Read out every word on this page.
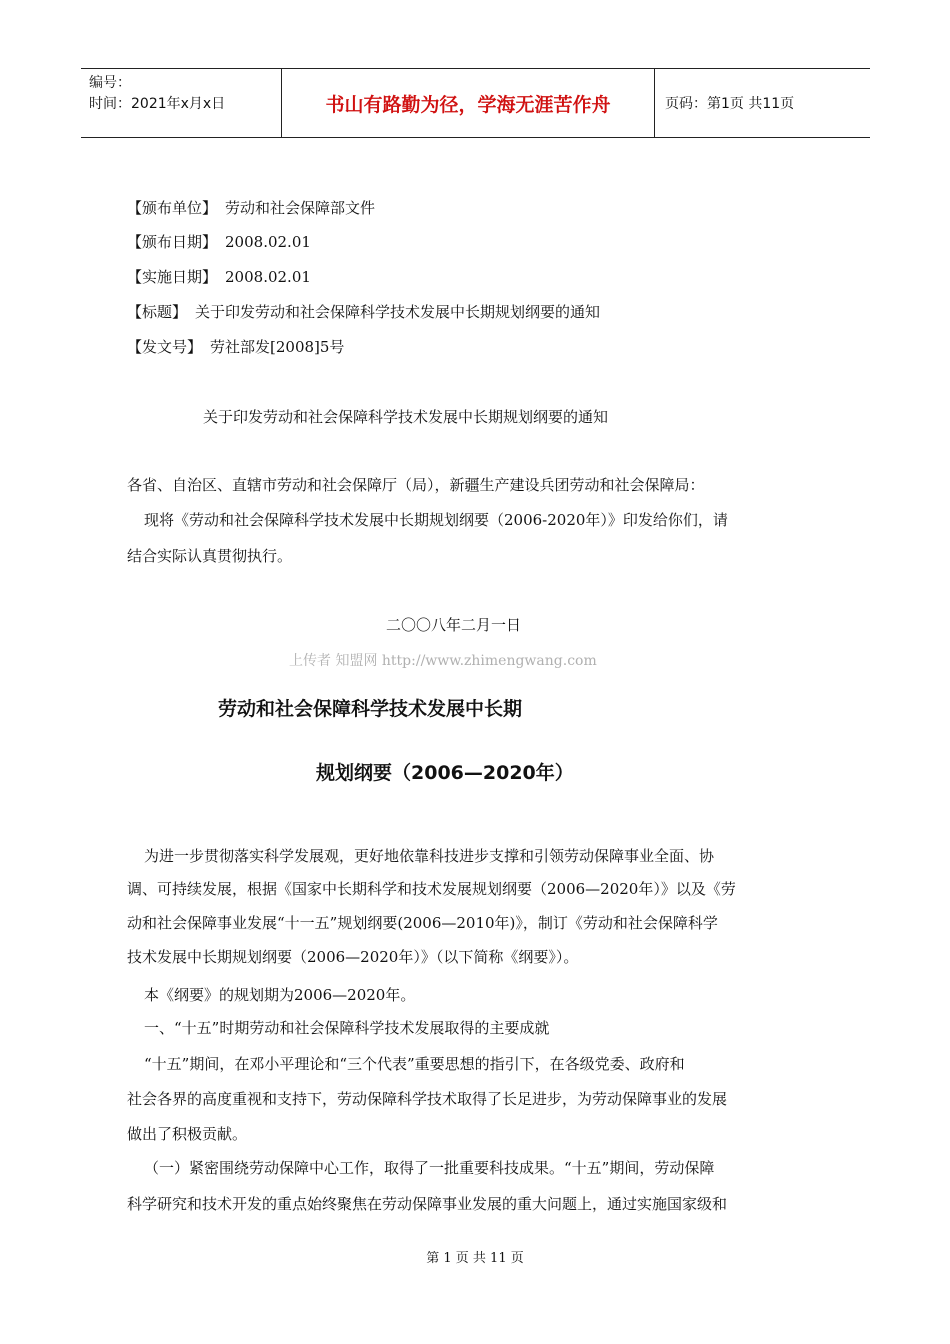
编号：
时间：2021年x月x日	书山有路勤为径，学海无涯苦作舟	页码：第1页 共11页
【颁布单位】 劳动和社会保障部文件
【颁布日期】 2008.02.01
【实施日期】 2008.02.01
【标题】 关于印发劳动和社会保障科学技术发展中长期规划纲要的通知
【发文号】 劳社部发[2008]5号
关于印发劳动和社会保障科学技术发展中长期规划纲要的通知
各省、自治区、直辖市劳动和社会保障厅（局），新疆生产建设兵团劳动和社会保障局：
现将《劳动和社会保障科学技术发展中长期规划纲要（2006-2020年）》印发给你们，请
结合实际认真贯彻执行。
二〇〇八年二月一日
上传者 知盟网 http://www.zhimengwang.com
劳动和社会保障科学技术发展中长期
规划纲要（2006—2020年）
为进一步贯彻落实科学发展观，更好地依靠科技进步支撑和引领劳动保障事业全面、协
调、可持续发展，根据《国家中长期科学和技术发展规划纲要（2006—2020年）》以及《劳
动和社会保障事业发展“十一五”规划纲要(2006—2010年)》，制订《劳动和社会保障科学
技术发展中长期规划纲要（2006—2020年）》（以下简称《纲要》）。
本《纲要》的规划期为2006—2020年。
一、“十五”时期劳动和社会保障科学技术发展取得的主要成就
“十五”期间，在邓小平理论和“三个代表”重要思想的指引下，在各级党委、政府和
社会各界的高度重视和支持下，劳动保障科学技术取得了长足进步，为劳动保障事业的发展
做出了积极贡献。
（一）紧密围绕劳动保障中心工作，取得了一批重要科技成果。“十五”期间，劳动保障
科学研究和技术开发的重点始终聚焦在劳动保障事业发展的重大问题上，通过实施国家级和
第 1 页 共 11 页
